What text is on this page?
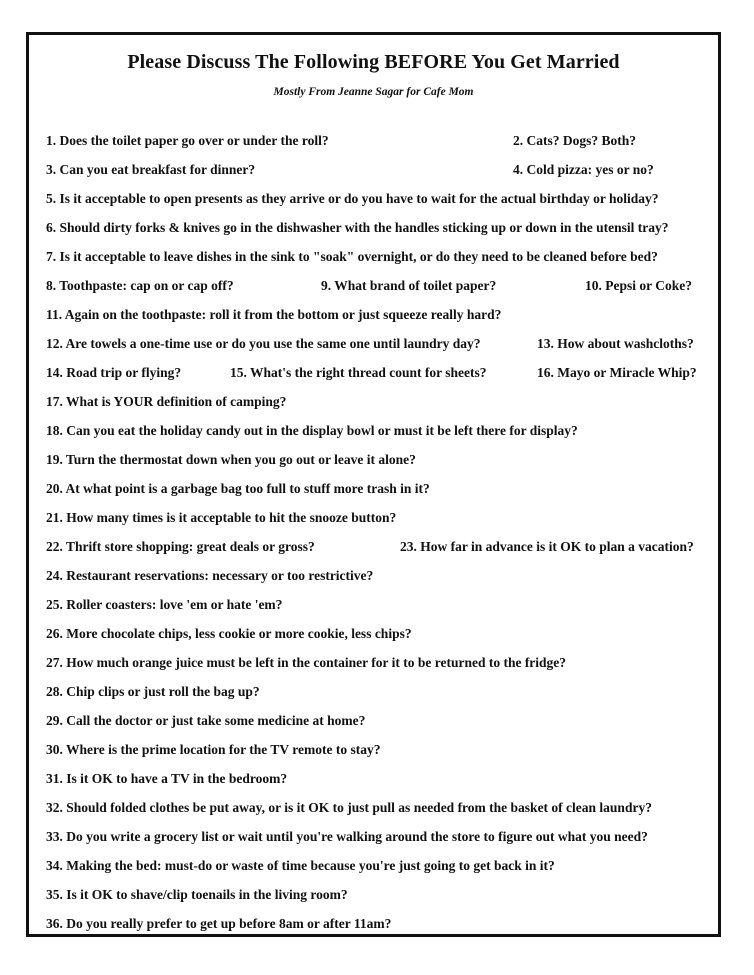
Please Discuss The Following BEFORE You Get Married
Mostly From Jeanne Sagar for Cafe Mom
1. Does the toilet paper go over or under the roll?	2. Cats? Dogs? Both?
3. Can you eat breakfast for dinner?	4. Cold pizza: yes or no?
5. Is it acceptable to open presents as they arrive or do you have to wait for the actual birthday or holiday?
6. Should dirty forks & knives go in the dishwasher with the handles sticking up or down in the utensil tray?
7. Is it acceptable to leave dishes in the sink to "soak" overnight, or do they need to be cleaned before bed?
8. Toothpaste: cap on or cap off?	9. What brand of toilet paper?	10. Pepsi or Coke?
11. Again on the toothpaste: roll it from the bottom or just squeeze really hard?
12. Are towels a one-time use or do you use the same one until laundry day?	13. How about washcloths?
14. Road trip or flying?	15. What's the right thread count for sheets?	16. Mayo or Miracle Whip?
17. What is YOUR definition of camping?
18. Can you eat the holiday candy out in the display bowl or must it be left there for display?
19. Turn the thermostat down when you go out or leave it alone?
20. At what point is a garbage bag too full to stuff more trash in it?
21. How many times is it acceptable to hit the snooze button?
22. Thrift store shopping: great deals or gross?	23. How far in advance is it OK to plan a vacation?
24. Restaurant reservations: necessary or too restrictive?
25. Roller coasters: love 'em or hate 'em?
26. More chocolate chips, less cookie or more cookie, less chips?
27. How much orange juice must be left in the container for it to be returned to the fridge?
28. Chip clips or just roll the bag up?
29. Call the doctor or just take some medicine at home?
30. Where is the prime location for the TV remote to stay?
31. Is it OK to have a TV in the bedroom?
32. Should folded clothes be put away, or is it OK to just pull as needed from the basket of clean laundry?
33. Do you write a grocery list or wait until you're walking around the store to figure out what you need?
34. Making the bed: must-do or waste of time because you're just going to get back in it?
35. Is it OK to shave/clip toenails in the living room?
36. Do you really prefer to get up before 8am or after 11am?
